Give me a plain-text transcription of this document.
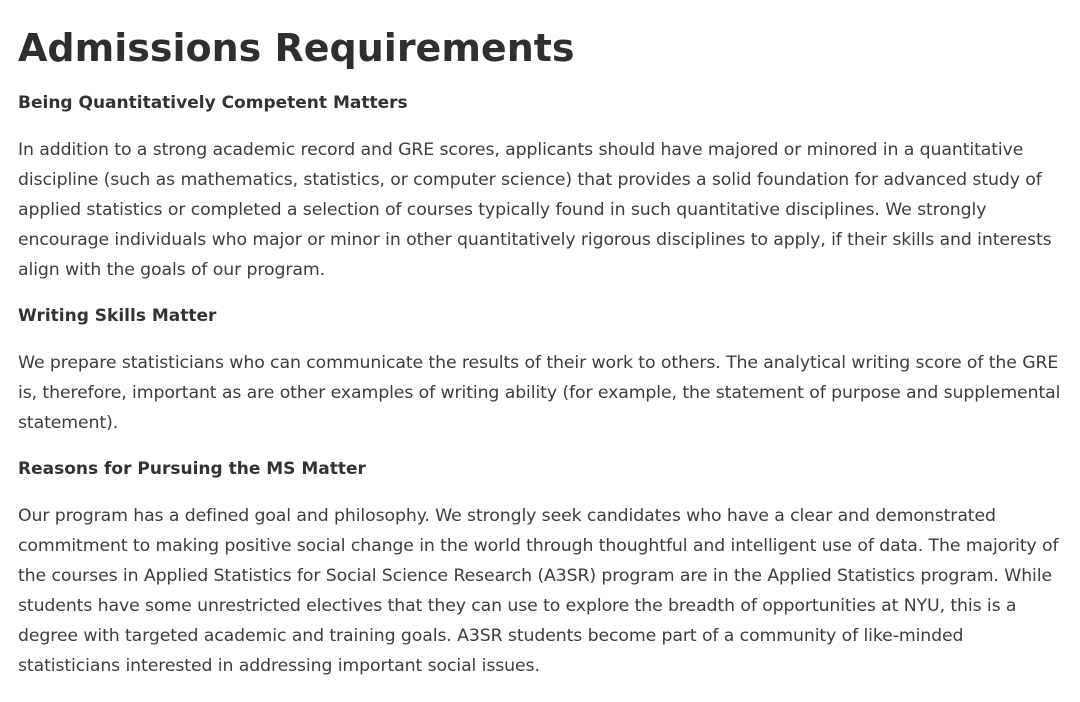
Admissions Requirements
Being Quantitatively Competent Matters

In addition to a strong academic record and GRE scores, applicants should have majored or minored in a quantitative discipline (such as mathematics, statistics, or computer science) that provides a solid foundation for advanced study of applied statistics or completed a selection of courses typically found in such quantitative disciplines. We strongly encourage individuals who major or minor in other quantitatively rigorous disciplines to apply, if their skills and interests align with the goals of our program.

Writing Skills Matter

We prepare statisticians who can communicate the results of their work to others. The analytical writing score of the GRE is, therefore, important as are other examples of writing ability (for example, the statement of purpose and supplemental statement).

Reasons for Pursuing the MS Matter

Our program has a defined goal and philosophy. We strongly seek candidates who have a clear and demonstrated commitment to making positive social change in the world through thoughtful and intelligent use of data. The majority of the courses in Applied Statistics for Social Science Research (A3SR) program are in the Applied Statistics program. While students have some unrestricted electives that they can use to explore the breadth of opportunities at NYU, this is a degree with targeted academic and training goals. A3SR students become part of a community of like-minded statisticians interested in addressing important social issues.
